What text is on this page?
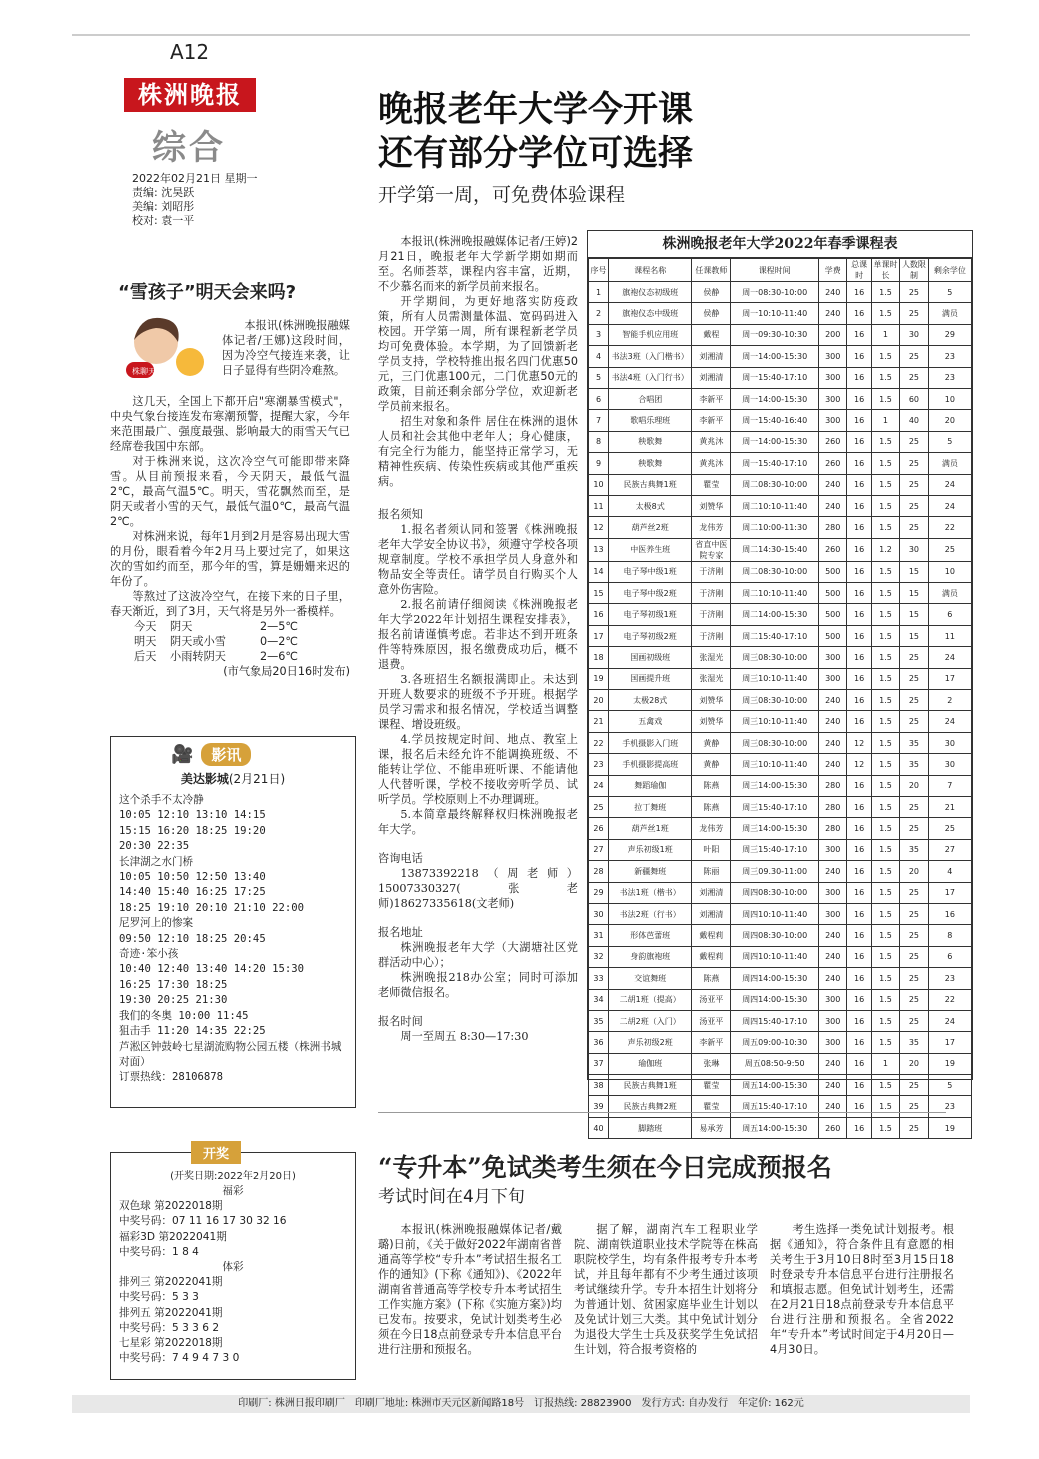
A12
株洲晚报
综合
2022年02月21日 星期一
责编: 沈昊跃
美编: 刘昭彤
校对: 袁一平
晚报老年大学今开课
还有部分学位可选择
开学第一周，可免费体验课程
“雪孩子”明天会来吗?
株聊天

本报讯(株洲晚报融媒体记者/王娜)这段时间，因为冷空气接连来袭，让日子显得有些阴冷难熬。

这几天，全国上下都开启"寒潮暴雪模式"，中央气象台接连发布寒潮预警，提醒大家，今年来范围最广、强度最强、影响最大的雨雪天气已经席卷我国中东部。

对于株洲来说，这次冷空气可能即带来降雪。从目前预报来看，今天阴天，最低气温2℃，最高气温5℃。明天，雪花飘然而至，是阴天或者小雪的天气，最低气温0℃，最高气温2℃。

对株洲来说，每年1月到2月是容易出现大雪的月份，眼看着今年2月马上要过完了，如果这次的雪如约而至，那今年的雪，算是姗姗来迟的年份了。

等熬过了这波冷空气，在接下来的日子里，春天渐近，到了3月，天气将是另外一番模样。

今天	阴天	2—5℃
明天	阴天或小雪	0—2℃
后天	小雨转阴天	2—6℃
(市气象局20日16时发布)
🎥	影讯
美达影城(2月21日)
这个杀手不太冷静
10:05 12:10 13:10 14:15
15:15 16:20 18:25 19:20
20:30 22:35
长津湖之水门桥
10:05 10:50 12:50 13:40
14:40 15:40 16:25 17:25
18:25 19:10 20:10 21:10 22:00
尼罗河上的惨案
09:50 12:10 18:25 20:45
奇迹·笨小孩
10:40 12:40 13:40 14:20 15:30
16:25 17:30 18:25
19:30 20:25 21:30
我们的冬奥 10:00 11:45
狙击手 11:20 14:35 22:25
芦淞区钟鼓岭七星湖流购物公园五楼（株洲书城对面）
订票热线：28106878
开奖
(开奖日期:2022年2月20日)
福彩
双色球 第2022018期
中奖号码：07 11 16 17 30 32 16
福彩3D 第2022041期
中奖号码：1 8 4
体彩
排列三 第2022041期
中奖号码：5 3 3
排列五 第2022041期
中奖号码：5 3 3 6 2
七星彩 第2022018期
中奖号码：7 4 9 4 7 3 0

本报讯(株洲晚报融媒体记者/王婷)2月21日，晚报老年大学新学期如期而至。名师荟萃，课程内容丰富，近期，不少慕名而来的新学员前来报名。

开学期间，为更好地落实防疫政策，所有人员需测量体温、宽码码进入校园。开学第一周，所有课程新老学员均可免费体验。本学期，为了回馈新老学员支持，学校特推出报名四门优惠50元，三门优惠100元，二门优惠50元的政策，目前还剩余部分学位，欢迎新老学员前来报名。

招生对象和条件 居住在株洲的退休人员和社会其他中老年人；身心健康，有完全行为能力，能坚持正常学习，无精神性疾病、传染性疾病或其他严重疾病。

报名须知

1.报名者须认同和签署《株洲晚报老年大学安全协议书》，须遵守学校各项规章制度。学校不承担学员人身意外和物品安全等责任。请学员自行购买个人意外伤害险。

2.报名前请仔细阅读《株洲晚报老年大学2022年计划招生课程安排表》，报名前请谨慎考虑。若非达不到开班条件等特殊原因，报名缴费成功后，概不退费。

3.各班招生名额报满即止。未达到开班人数要求的班级不予开班。根据学员学习需求和报名情况，学校适当调整课程、增设班级。

4.学员按规定时间、地点、教室上课，报名后未经允许不能调换班级、不能转让学位、不能串班听课、不能请他人代替听课，学校不接收旁听学员、试听学员。学校原则上不办理调班。

5.本简章最终解释权归株洲晚报老年大学。

咨询电话

13873392218（周老师）15007330327(张老师)18627335618(文老师)

报名地址

株洲晚报老年大学（大湖塘社区党群活动中心）；

株洲晚报218办公室；同时可添加老师微信报名。

报名时间

周一至周五 8:30—17:30

株洲晚报老年大学2022年春季课程表
序号	课程名称	任课教师	课程时间	学费	总课时	单课时长	人数限制	剩余学位
1	旗袍仪态初级班	侯静	周一08:30-10:00	240	16	1.5	25	5
2	旗袍仪态中级班	侯静	周一10:10-11:40	240	16	1.5	25	满员
3	智能手机应用班	戴程	周一09:30-10:30	200	16	1	30	29
4	书法3班（入门楷书）	刘湘清	周一14:00-15:30	300	16	1.5	25	23
5	书法4班（入门行书）	刘湘清	周一15:40-17:10	300	16	1.5	25	23
6	合唱团	李新平	周一14:00-15:30	300	16	1.5	60	10
7	歌唱乐理班	李新平	周一15:40-16:40	300	16	1	40	20
8	秧歌舞	黄兆沐	周一14:00-15:30	260	16	1.5	25	5
9	秧歌舞	黄兆沐	周一15:40-17:10	260	16	1.5	25	满员
10	民族古典舞1班	瞿莹	周二08:30-10:00	240	16	1.5	25	24
11	太极8式	刘赞华	周二10:10-11:40	240	16	1.5	25	24
12	葫芦丝2班	龙伟芳	周二10:00-11:30	280	16	1.5	25	22
13	中医养生班	省直中医院专家	周二14:30-15:40	260	16	1.2	30	25
14	电子琴中级1班	于济刚	周二08:30-10:00	500	16	1.5	15	10
15	电子琴中级2班	于济刚	周二10:10-11:40	500	16	1.5	15	满员
16	电子琴初级1班	于济刚	周二14:00-15:30	500	16	1.5	15	6
17	电子琴初级2班	于济刚	周二15:40-17:10	500	16	1.5	15	11
18	国画初级班	张湿光	周三08:30-10:00	300	16	1.5	25	24
19	国画提升班	张湿光	周三10:10-11:40	300	16	1.5	25	17
20	太极28式	刘赞华	周三08:30-10:00	240	16	1.5	25	2
21	五禽戏	刘赞华	周三10:10-11:40	240	16	1.5	25	24
22	手机摄影入门班	黄静	周三08:30-10:00	240	12	1.5	35	30
23	手机摄影提高班	黄静	周三10:10-11:40	240	12	1.5	35	30
24	舞蹈瑜伽	陈燕	周三14:00-15:30	280	16	1.5	20	7
25	拉丁舞班	陈燕	周三15:40-17:10	280	16	1.5	25	21
26	葫芦丝1班	龙伟芳	周三14:00-15:30	280	16	1.5	25	25
27	声乐初级1班	叶阳	周三15:40-17:10	300	16	1.5	35	27
28	新疆舞班	陈丽	周三09.30-11:00	240	16	1.5	20	4
29	书法1班（楷书）	刘湘清	周四08:30-10:00	300	16	1.5	25	17
30	书法2班（行书）	刘湘清	周四10:10-11:40	300	16	1.5	25	16
31	形体芭蕾班	戴程莉	周四08:30-10:00	240	16	1.5	25	8
32	身韵旗袍班	戴程莉	周四10:10-11:40	240	16	1.5	25	6
33	交谊舞班	陈燕	周四14:00-15:30	240	16	1.5	25	23
34	二胡1班（提高）	汤亚平	周四14:00-15:30	300	16	1.5	25	22
35	二胡2班（入门）	汤亚平	周四15:40-17:10	300	16	1.5	25	24
36	声乐初级2班	李新平	周五09:00-10:30	300	16	1.5	35	17
37	瑜伽班	张琳	周五08:50-9:50	240	16	1	20	19
38	民族古典舞1班	瞿莹	周五14:00-15:30	240	16	1.5	25	5
39	民族古典舞2班	瞿莹	周五15:40-17:10	240	16	1.5	25	23
40	脚踏班	易承芳	周五14:00-15:30	260	16	1.5	25	19
“专升本”免试类考生须在今日完成预报名
考试时间在4月下旬

本报讯(株洲晚报融媒体记者/戴璐)日前，《关于做好2022年湖南省普通高等学校“专升本”考试招生报名工作的通知》(下称《通知》)、《2022年湖南省普通高等学校专升本考试招生工作实施方案》(下称《实施方案》)均已发布。按要求，免试计划类考生必须在今日18点前登录专升本信息平台进行注册和预报名。

据了解，湖南汽车工程职业学院、湖南铁道职业技术学院等在株高职院校学生，均有条件报考专升本考试，并且每年都有不少考生通过该项考试继续升学。专升本招生计划将分为普通计划、贫困家庭毕业生计划以及免试计划三大类。其中免试计划分为退役大学生士兵及获奖学生免试招生计划，符合报考资格的

考生选择一类免试计划报考。根据《通知》，符合条件且有意愿的相关考生于3月10日8时至3月15日18时登录专升本信息平台进行注册报名和填报志愿。但免试计划考生，还需在2月21日18点前登录专升本信息平台进行注册和预报名。全省2022年“专升本”考试时间定于4月20日—4月30日。

印刷厂: 株洲日报印刷厂　印刷厂地址: 株洲市天元区新闻路18号　订报热线: 28823900　发行方式: 自办发行　年定价: 162元
